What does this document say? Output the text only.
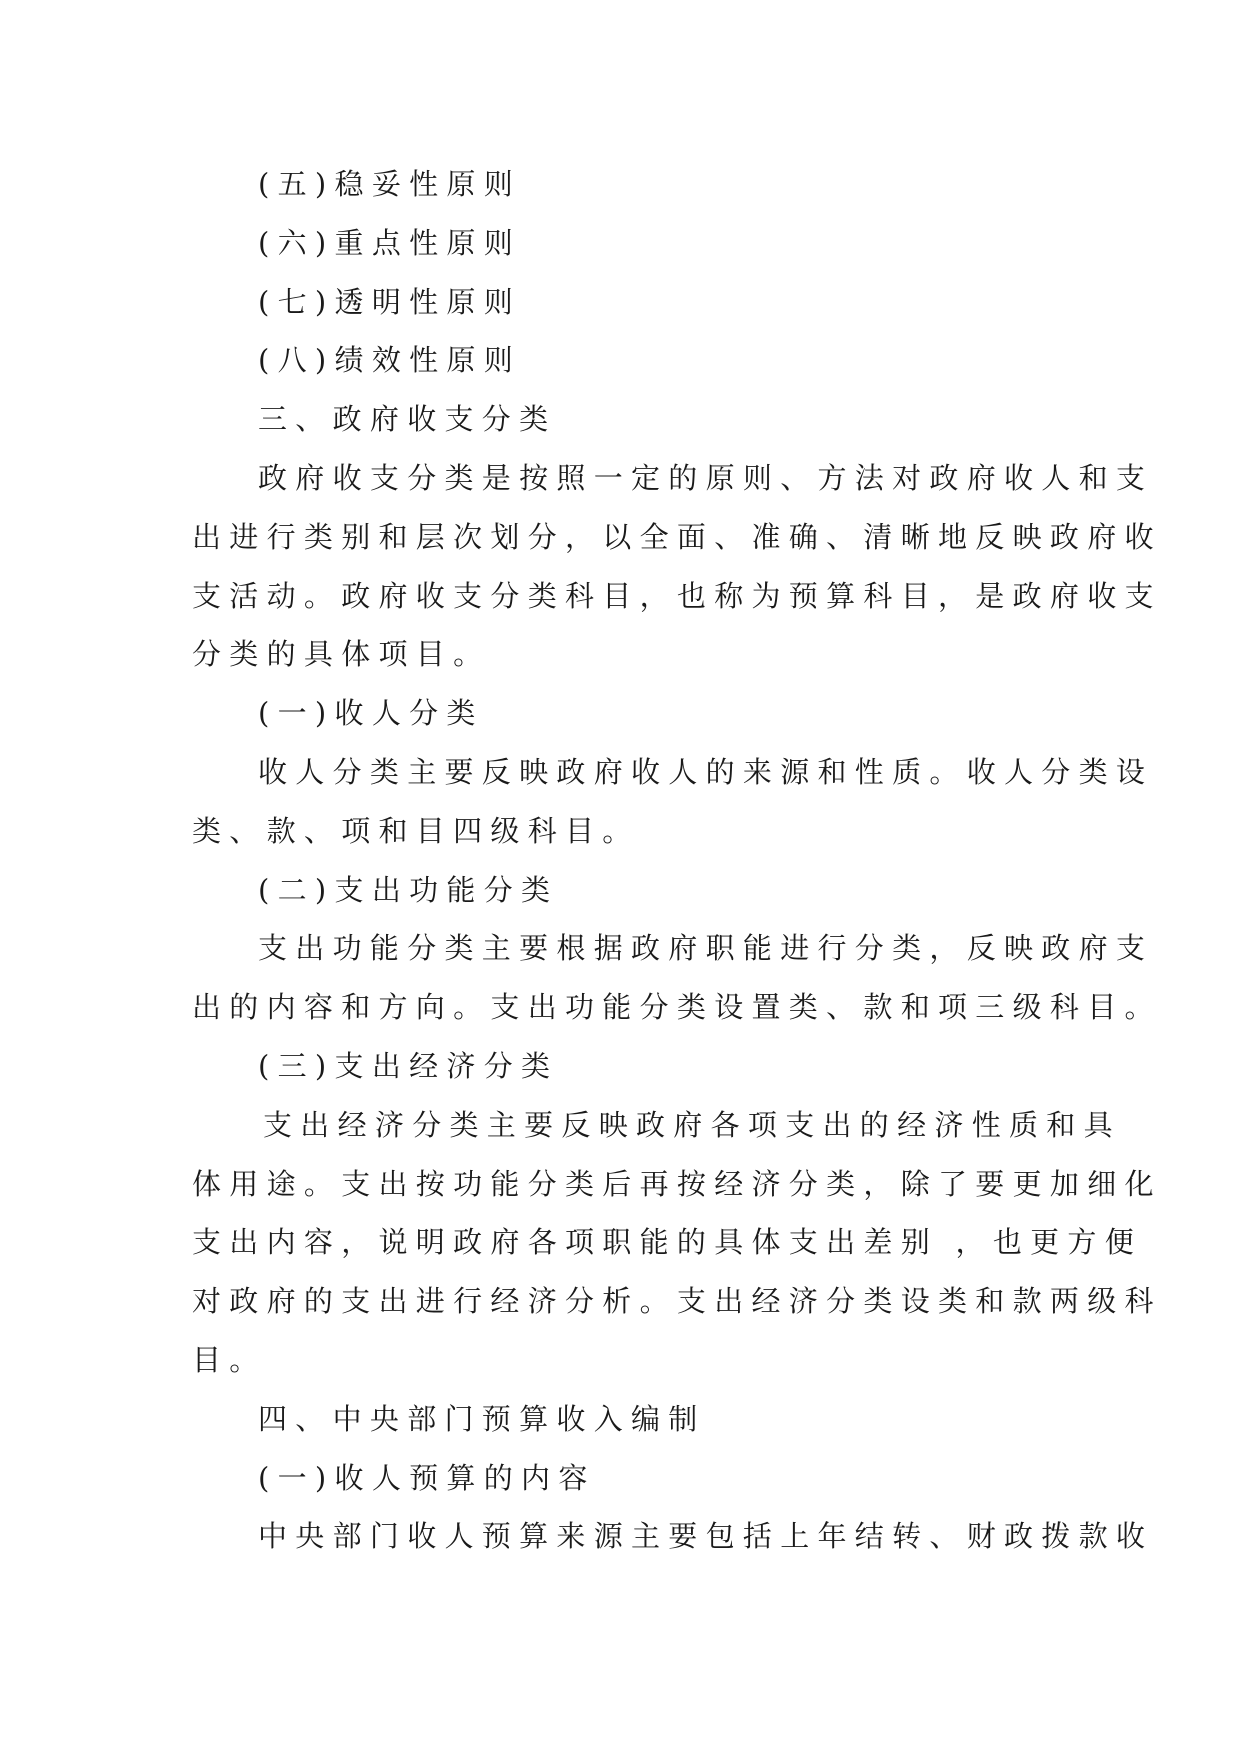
(五)稳妥性原则

(六)重点性原则

(七)透明性原则

(八)绩效性原则

三、政府收支分类

政府收支分类是按照一定的原则、方法对政府收人和支

出进行类别和层次划分，以全面、准确、清晰地反映政府收

支活动。政府收支分类科目，也称为预算科目，是政府收支

分类的具体项目。

(一)收人分类

收人分类主要反映政府收人的来源和性质。收人分类设

类、款、项和目四级科目。

(二)支出功能分类

支出功能分类主要根据政府职能进行分类，反映政府支

出的内容和方向。支出功能分类设置类、款和项三级科目。

(三)支出经济分类

支出经济分类主要反映政府各项支出的经济性质和具

体用途。支出按功能分类后再按经济分类，除了要更加细化

支出内容，说明政府各项职能的具体支出差别 ，也更方便

对政府的支出进行经济分析。支出经济分类设类和款两级科

目。

四、中央部门预算收入编制

(一)收人预算的内容

中央部门收人预算来源主要包括上年结转、财政拨款收
